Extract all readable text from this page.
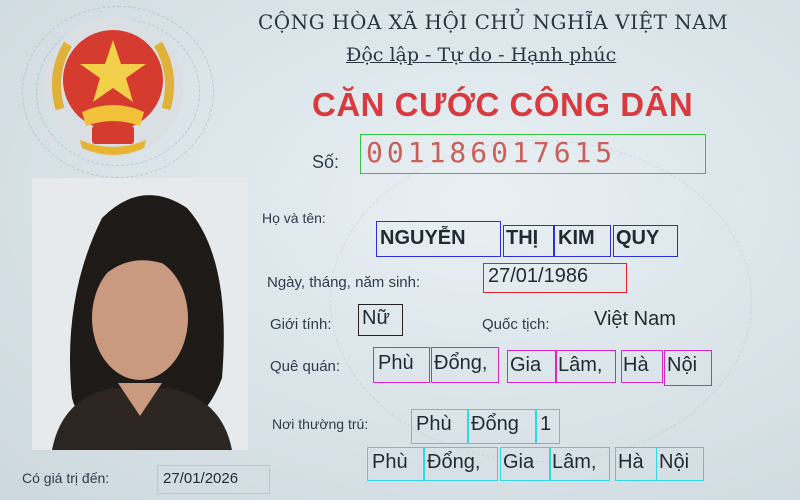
CỘNG HÒA XÃ HỘI CHỦ NGHĨA VIỆT NAM
Độc lập - Tự do - Hạnh phúc
CĂN CƯỚC CÔNG DÂN
Số: 001186017615
Họ và tên:
NGUYỄN THỊ KIM QUY
Ngày, tháng, năm sinh:	27/01/1986
Giới tính: Nữ	Quốc tịch: Việt Nam
Quê quán: Phù Đổng, Gia Lâm, Hà Nội
Nơi thường trú: Phù Đổng 1
Phù Đổng, Gia Lâm, Hà Nội
Có giá trị đến:	27/01/2026
